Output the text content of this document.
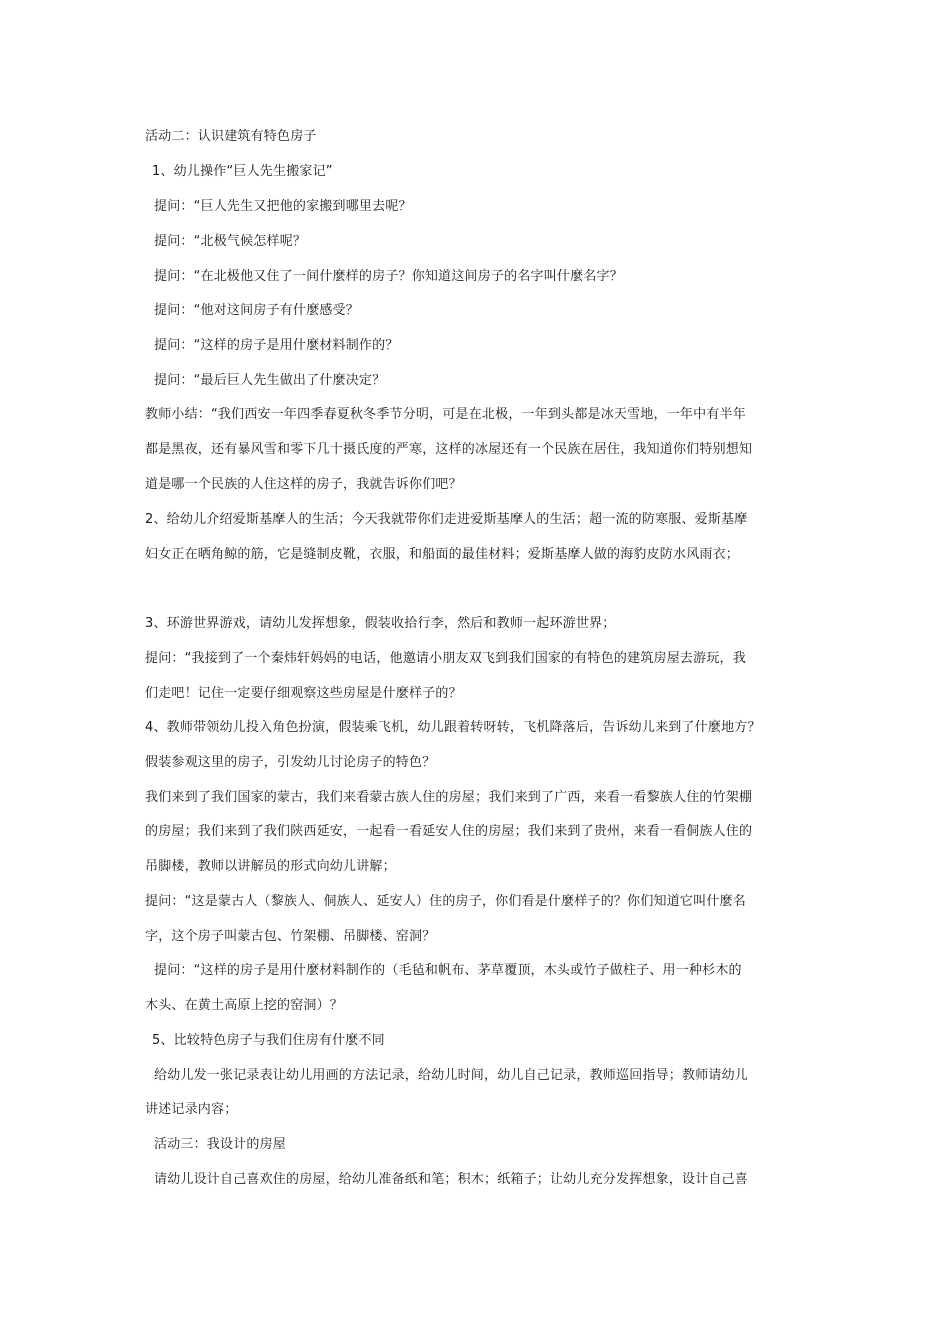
活动二：认识建筑有特色房子
1、幼儿操作“巨人先生搬家记”
提问：“巨人先生又把他的家搬到哪里去呢？
提问：“北极气候怎样呢？
提问：“在北极他又住了一间什麼样的房子？你知道这间房子的名字叫什麼名字？
提问：“他对这间房子有什麼感受？
提问：“这样的房子是用什麼材料制作的？
提问：“最后巨人先生做出了什麼决定？
教师小结：“我们西安一年四季春夏秋冬季节分明，可是在北极，一年到头都是冰天雪地，一年中有半年
都是黑夜，还有暴风雪和零下几十摄氏度的严寒，这样的冰屋还有一个民族在居住，我知道你们特别想知
道是哪一个民族的人住这样的房子，我就告诉你们吧？
2、给幼儿介绍爱斯基摩人的生活；今天我就带你们走进爱斯基摩人的生活；超一流的防寒服、爱斯基摩
妇女正在晒角鲸的筋，它是缝制皮靴，衣服，和船面的最佳材料；爱斯基摩人做的海豹皮防水风雨衣；
3、环游世界游戏，请幼儿发挥想象，假装收拾行李，然后和教师一起环游世界；
提问：“我接到了一个秦炜轩妈妈的电话，他邀请小朋友双飞到我们国家的有特色的建筑房屋去游玩，我
们走吧！记住一定要仔细观察这些房屋是什麼样子的？
4、教师带领幼儿投入角色扮演，假装乘飞机，幼儿跟着转呀转，飞机降落后，告诉幼儿来到了什麼地方？
假装参观这里的房子，引发幼儿讨论房子的特色？
我们来到了我们国家的蒙古，我们来看蒙古族人住的房屋；我们来到了广西，来看一看黎族人住的竹架棚
的房屋；我们来到了我们陕西延安，一起看一看延安人住的房屋；我们来到了贵州，来看一看侗族人住的
吊脚楼，教师以讲解员的形式向幼儿讲解；
提问：“这是蒙古人（黎族人、侗族人、延安人）住的房子，你们看是什麼样子的？你们知道它叫什麼名
字，这个房子叫蒙古包、竹架棚、吊脚楼、窑洞？
提问：“这样的房子是用什麼材料制作的（毛毡和帆布、茅草覆顶，木头或竹子做柱子、用一种杉木的
木头、在黄土高原上挖的窑洞）？
5、比较特色房子与我们住房有什麼不同
给幼儿发一张记录表让幼儿用画的方法记录，给幼儿时间，幼儿自己记录，教师巡回指导；教师请幼儿
讲述记录内容；
活动三：我设计的房屋
请幼儿设计自己喜欢住的房屋，给幼儿准备纸和笔；积木；纸箱子；让幼儿充分发挥想象，设计自己喜
